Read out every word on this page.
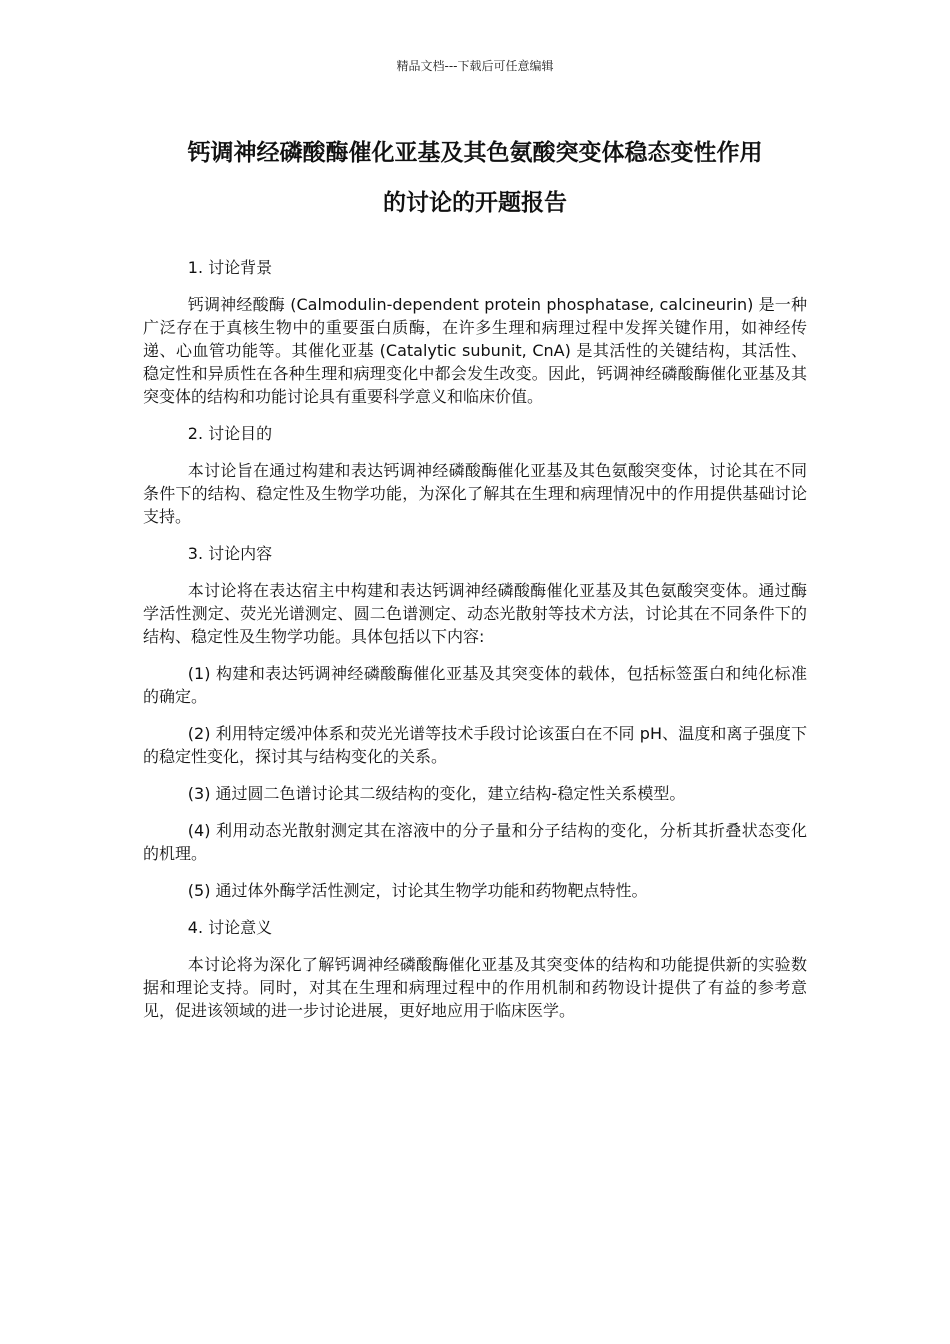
精品文档---下载后可任意编辑
钙调神经磷酸酶催化亚基及其色氨酸突变体稳态变性作用
的讨论的开题报告

1. 讨论背景

钙调神经酸酶 (Calmodulin-dependent protein phosphatase, calcineurin) 是一种广泛存在于真核生物中的重要蛋白质酶，在许多生理和病理过程中发挥关键作用，如神经传递、心血管功能等。其催化亚基 (Catalytic subunit, CnA) 是其活性的关键结构，其活性、稳定性和异质性在各种生理和病理变化中都会发生改变。因此，钙调神经磷酸酶催化亚基及其突变体的结构和功能讨论具有重要科学意义和临床价值。

2. 讨论目的

本讨论旨在通过构建和表达钙调神经磷酸酶催化亚基及其色氨酸突变体，讨论其在不同条件下的结构、稳定性及生物学功能，为深化了解其在生理和病理情况中的作用提供基础讨论支持。

3. 讨论内容

本讨论将在表达宿主中构建和表达钙调神经磷酸酶催化亚基及其色氨酸突变体。通过酶学活性测定、荧光光谱测定、圆二色谱测定、动态光散射等技术方法，讨论其在不同条件下的结构、稳定性及生物学功能。具体包括以下内容:

(1) 构建和表达钙调神经磷酸酶催化亚基及其突变体的载体，包括标签蛋白和纯化标准的确定。

(2) 利用特定缓冲体系和荧光光谱等技术手段讨论该蛋白在不同 pH、温度和离子强度下的稳定性变化，探讨其与结构变化的关系。

(3) 通过圆二色谱讨论其二级结构的变化，建立结构-稳定性关系模型。

(4) 利用动态光散射测定其在溶液中的分子量和分子结构的变化，分析其折叠状态变化的机理。

(5) 通过体外酶学活性测定，讨论其生物学功能和药物靶点特性。

4. 讨论意义

本讨论将为深化了解钙调神经磷酸酶催化亚基及其突变体的结构和功能提供新的实验数据和理论支持。同时，对其在生理和病理过程中的作用机制和药物设计提供了有益的参考意见，促进该领域的进一步讨论进展，更好地应用于临床医学。
